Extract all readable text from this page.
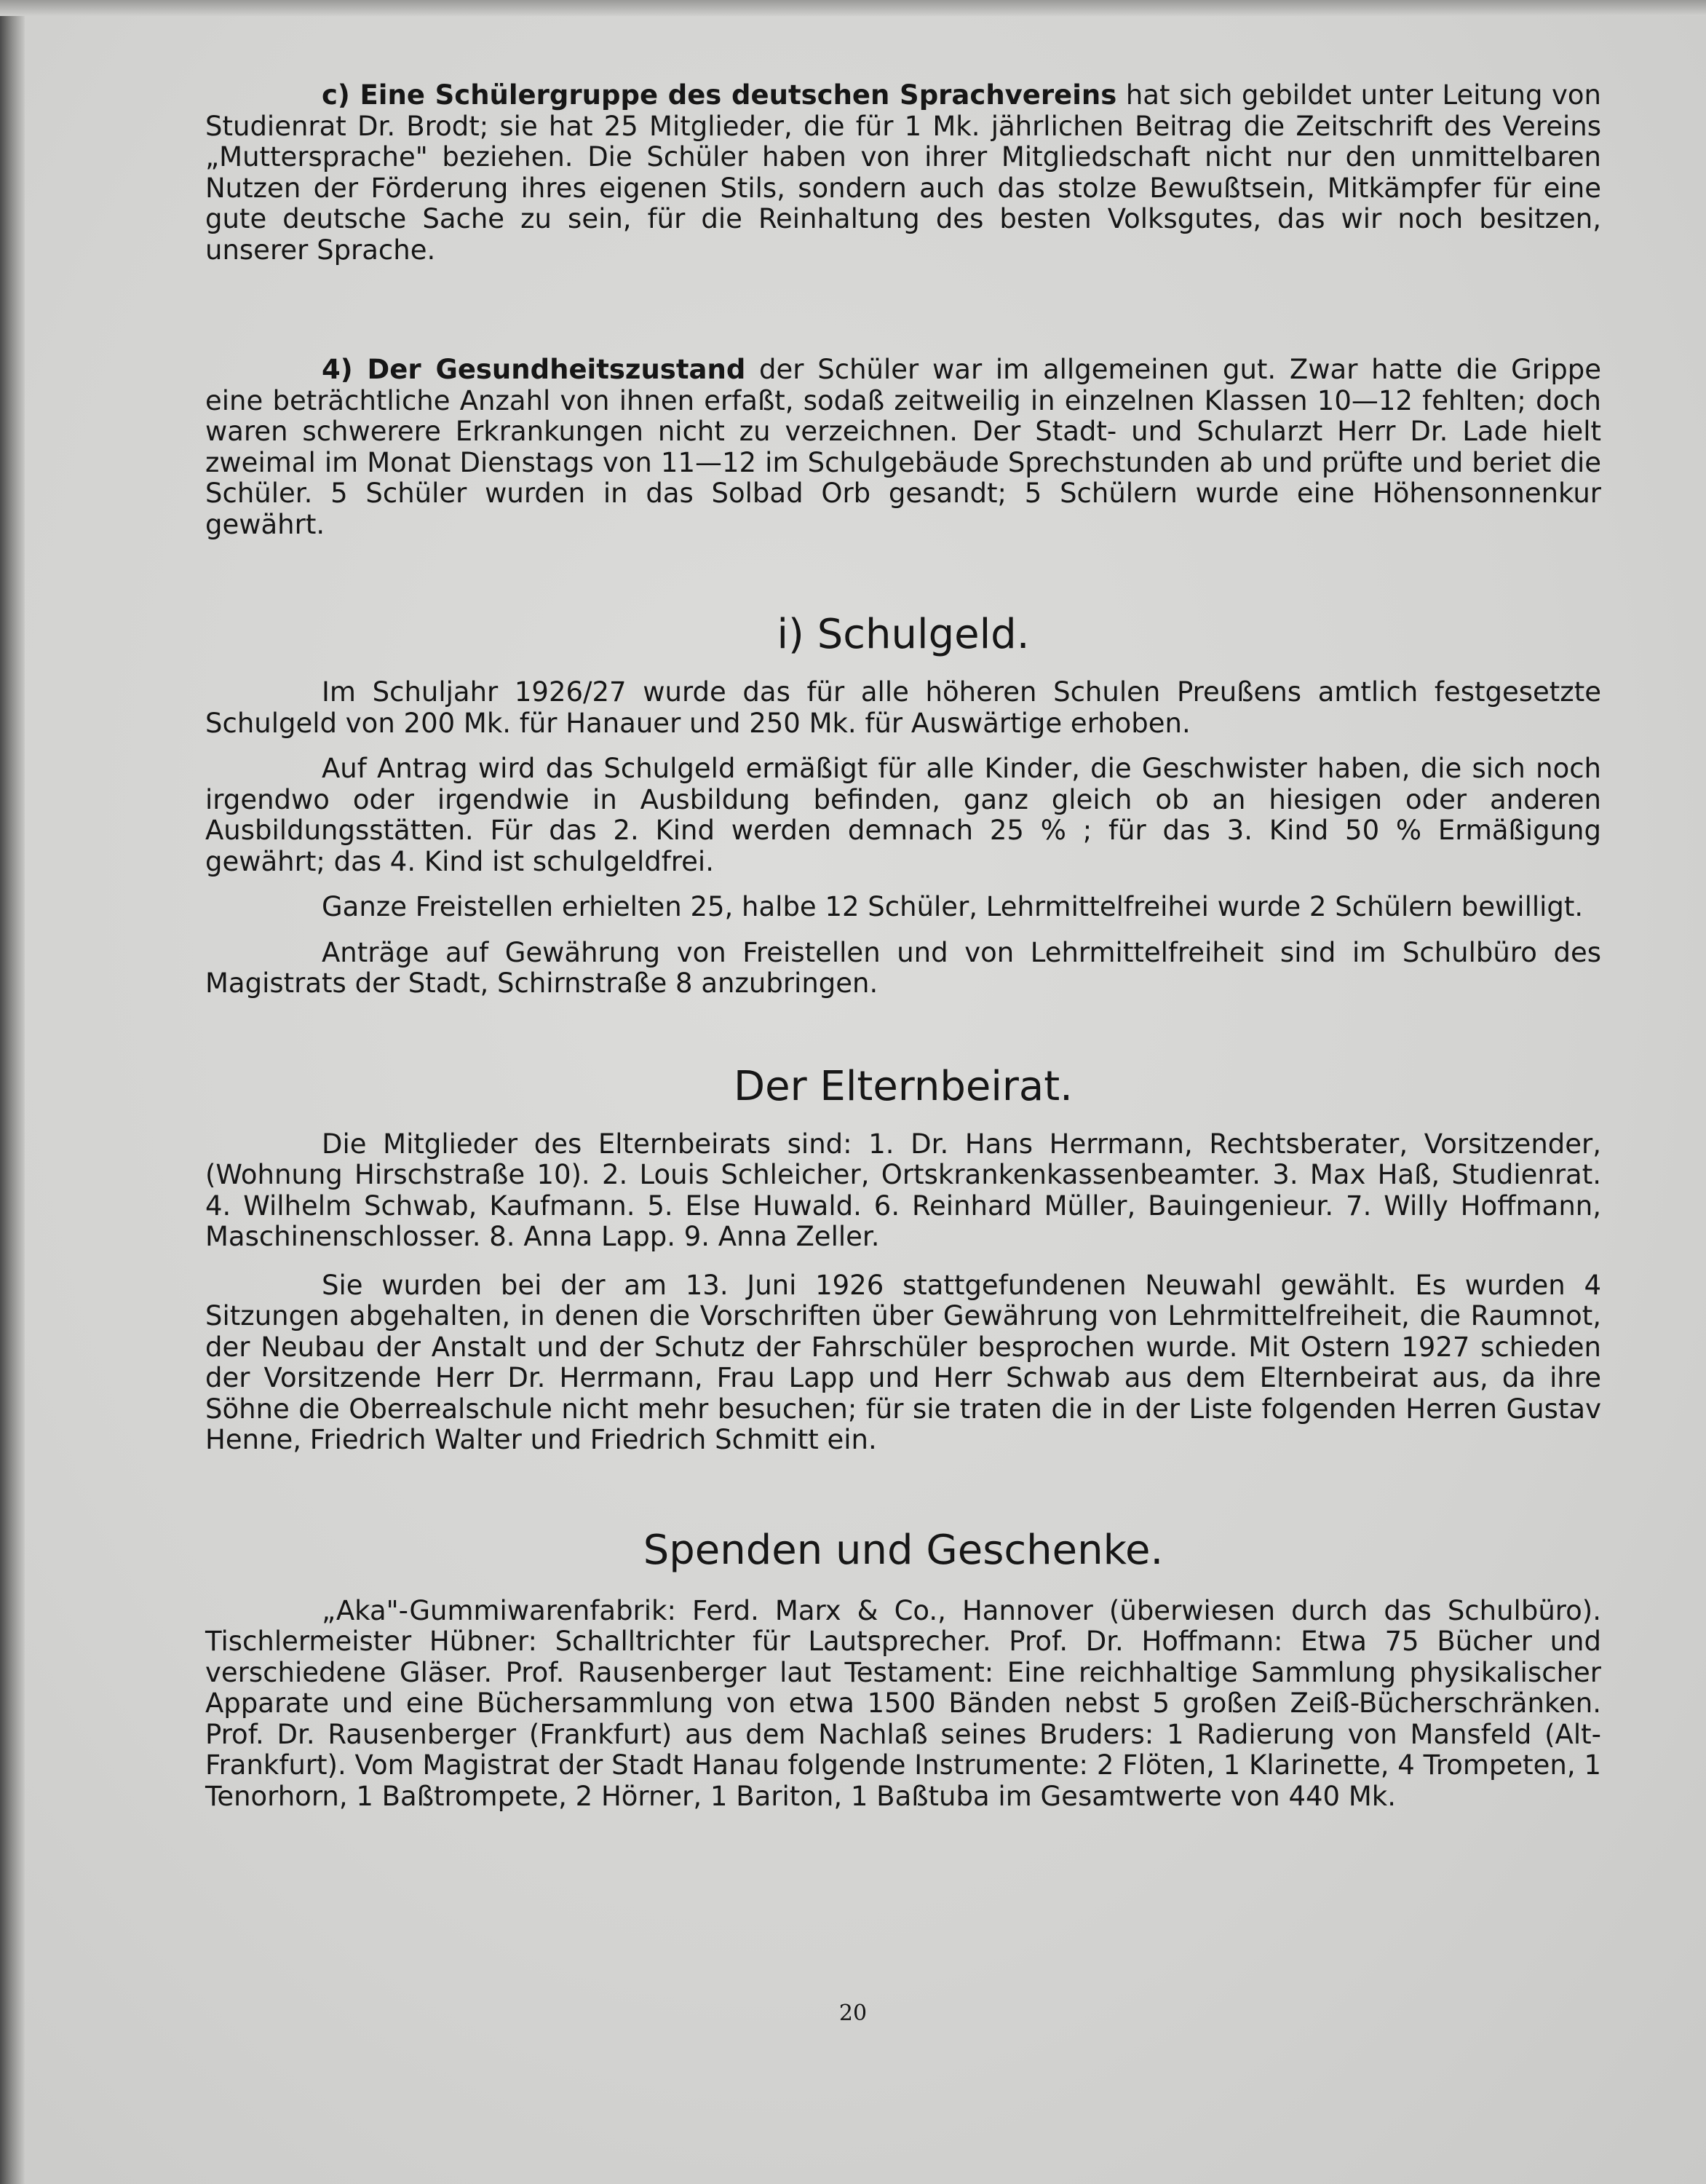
c) Eine Schülergruppe des deutschen Sprachvereins hat sich gebildet unter Leitung von Studienrat Dr. Brodt; sie hat 25 Mitglieder, die für 1 Mk. jährlichen Beitrag die Zeitschrift des Vereins „Muttersprache" beziehen. Die Schüler haben von ihrer Mitgliedschaft nicht nur den unmittelbaren Nutzen der Förderung ihres eigenen Stils, sondern auch das stolze Bewußtsein, Mitkämpfer für eine gute deutsche Sache zu sein, für die Reinhaltung des besten Volksgutes, das wir noch besitzen, unserer Sprache.

4) Der Gesundheitszustand der Schüler war im allgemeinen gut. Zwar hatte die Grippe eine beträchtliche Anzahl von ihnen erfaßt, sodaß zeitweilig in einzelnen Klassen 10—12 fehlten; doch waren schwerere Erkrankungen nicht zu verzeichnen. Der Stadt- und Schularzt Herr Dr. Lade hielt zweimal im Monat Dienstags von 11—12 im Schulgebäude Sprechstunden ab und prüfte und beriet die Schüler. 5 Schüler wurden in das Solbad Orb gesandt; 5 Schülern wurde eine Höhensonnenkur gewährt.

i) Schulgeld.

Im Schuljahr 1926/27 wurde das für alle höheren Schulen Preußens amtlich festgesetzte Schulgeld von 200 Mk. für Hanauer und 250 Mk. für Auswärtige erhoben.

Auf Antrag wird das Schulgeld ermäßigt für alle Kinder, die Geschwister haben, die sich noch irgendwo oder irgendwie in Ausbildung befinden, ganz gleich ob an hiesigen oder anderen Ausbildungsstätten. Für das 2. Kind werden demnach 25 % ; für das 3. Kind 50 % Ermäßigung gewährt; das 4. Kind ist schulgeldfrei.

Ganze Freistellen erhielten 25, halbe 12 Schüler, Lehrmittelfreihei wurde 2 Schülern bewilligt.

Anträge auf Gewährung von Freistellen und von Lehrmittelfreiheit sind im Schulbüro des Magistrats der Stadt, Schirnstraße 8 anzubringen.

Der Elternbeirat.

Die Mitglieder des Elternbeirats sind: 1. Dr. Hans Herrmann, Rechtsberater, Vorsitzender, (Wohnung Hirschstraße 10). 2. Louis Schleicher, Ortskrankenkassenbeamter. 3. Max Haß, Studienrat. 4. Wilhelm Schwab, Kaufmann. 5. Else Huwald. 6. Reinhard Müller, Bauingenieur. 7. Willy Hoffmann, Maschinenschlosser. 8. Anna Lapp. 9. Anna Zeller.

Sie wurden bei der am 13. Juni 1926 stattgefundenen Neuwahl gewählt. Es wurden 4 Sitzungen abgehalten, in denen die Vorschriften über Gewährung von Lehrmittelfreiheit, die Raumnot, der Neubau der Anstalt und der Schutz der Fahrschüler besprochen wurde. Mit Ostern 1927 schieden der Vorsitzende Herr Dr. Herrmann, Frau Lapp und Herr Schwab aus dem Elternbeirat aus, da ihre Söhne die Oberrealschule nicht mehr besuchen; für sie traten die in der Liste folgenden Herren Gustav Henne, Friedrich Walter und Friedrich Schmitt ein.

Spenden und Geschenke.

„Aka"-Gummiwarenfabrik: Ferd. Marx & Co., Hannover (überwiesen durch das Schulbüro). Tischlermeister Hübner: Schalltrichter für Lautsprecher. Prof. Dr. Hoffmann: Etwa 75 Bücher und verschiedene Gläser. Prof. Rausenberger laut Testament: Eine reichhaltige Sammlung physikalischer Apparate und eine Büchersammlung von etwa 1500 Bänden nebst 5 großen Zeiß-Bücherschränken. Prof. Dr. Rausenberger (Frankfurt) aus dem Nachlaß seines Bruders: 1 Radierung von Mansfeld (Alt-Frankfurt). Vom Magistrat der Stadt Hanau folgende Instrumente: 2 Flöten, 1 Klarinette, 4 Trompeten, 1 Tenorhorn, 1 Baßtrompete, 2 Hörner, 1 Bariton, 1 Baßtuba im Gesamtwerte von 440 Mk.

20
